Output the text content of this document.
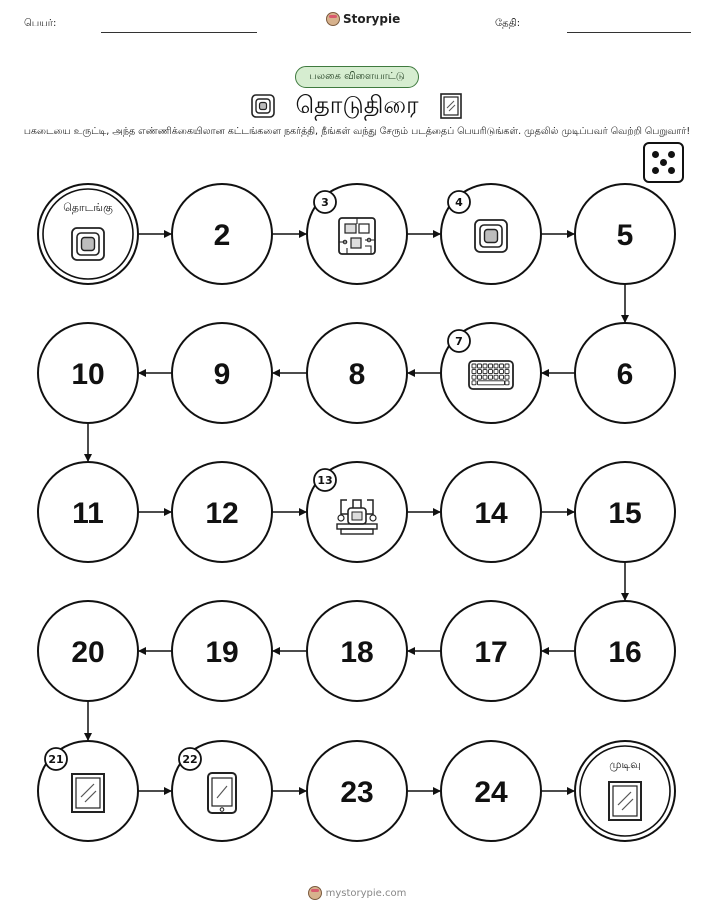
பெயர்:	Storypie	தேதி:
பலகை விளையாட்டு
தொடுதிரை
பகடையை உருட்டி, அந்த எண்ணிக்கையிலான கட்டங்களை நகர்த்தி, நீங்கள் வந்து சேரும் படத்தைப் பெயரிடுங்கள். முதலில் முடிப்பவர் வெற்றி பெறுவார்!
தொடங்கு
2
3	4
5
6
7
8
9
10
11	12
13
14	15
16
17
18
19
20
21	22
23	24
முடிவு
mystorypie.com
